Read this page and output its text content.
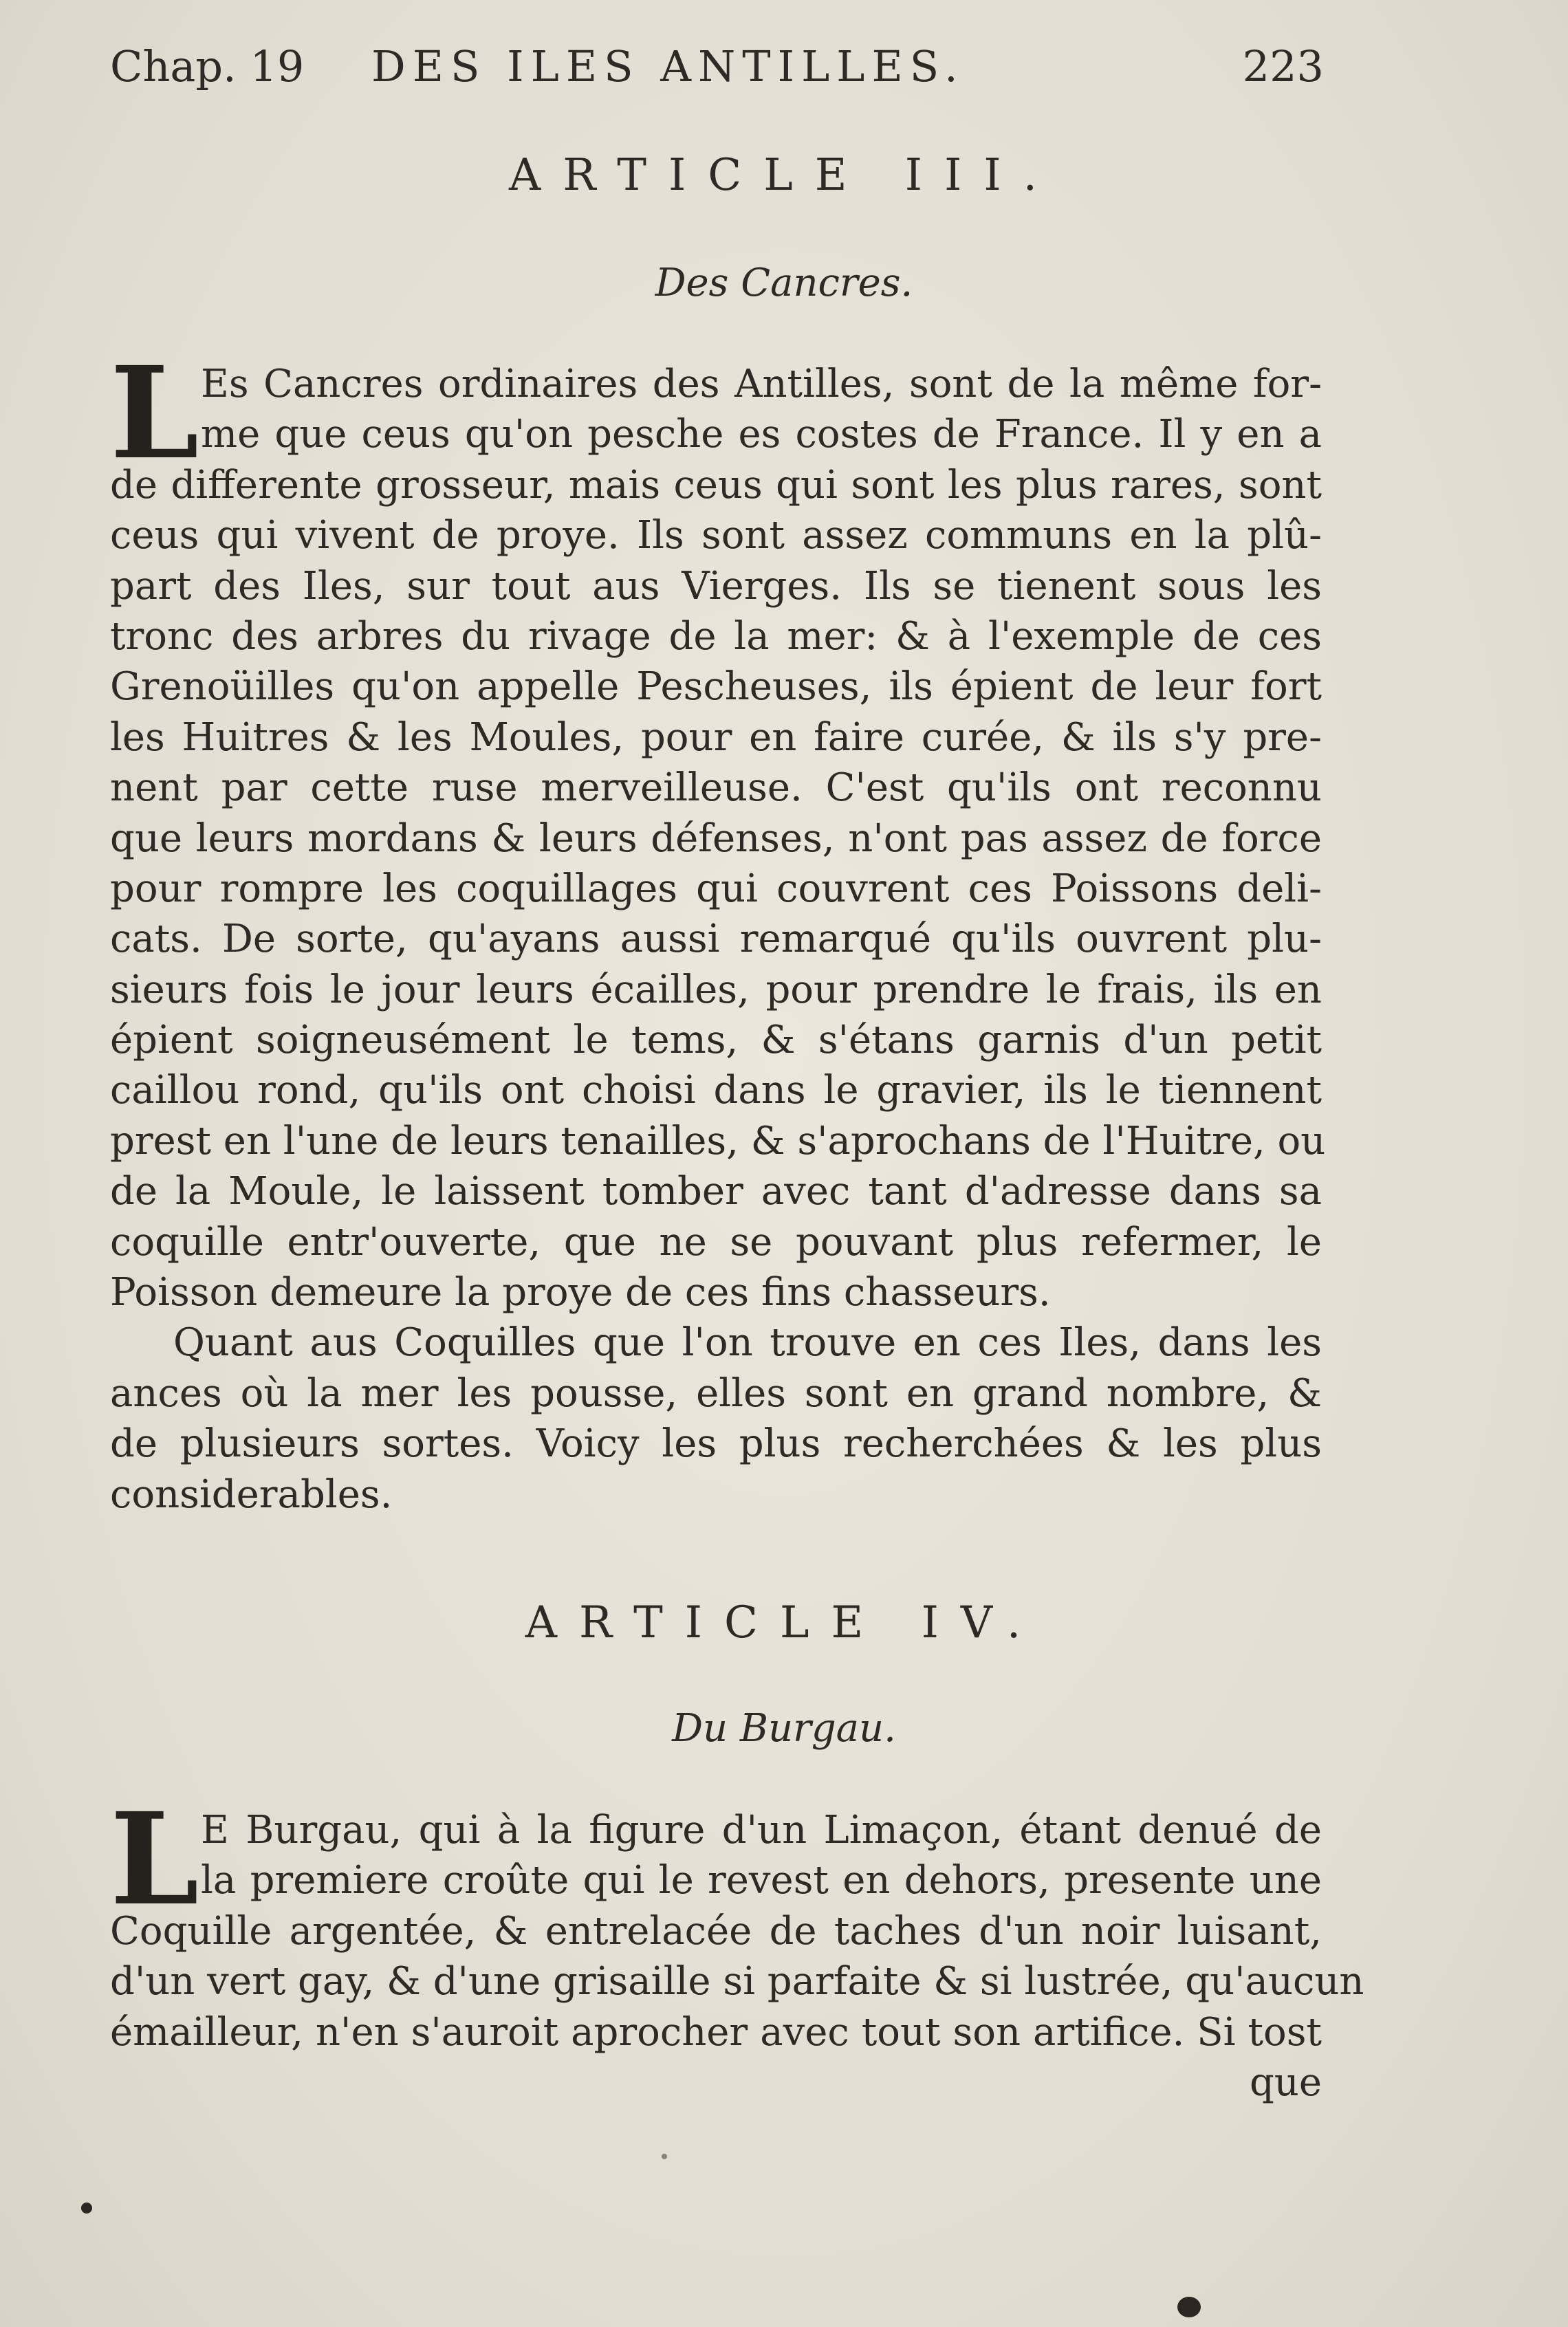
Chap. 19 DES ILES ANTILLES.	223
ARTICLE III.
Des Cancres.
L Es Cancres ordinaires des Antilles, sont de la même for-
me que ceus qu'on pesche es costes de France. Il y en a
de differente grosseur, mais ceus qui sont les plus rares, sont
ceus qui vivent de proye. Ils sont assez communs en la plû-
part des Iles, sur tout aus Vierges. Ils se tienent sous les
tronc des arbres du rivage de la mer: & à l'exemple de ces
Grenoüilles qu'on appelle Pescheuses, ils épient de leur fort
les Huitres & les Moules, pour en faire curée, & ils s'y pre-
nent par cette ruse merveilleuse. C'est qu'ils ont reconnu
que leurs mordans & leurs défenses, n'ont pas assez de force
pour rompre les coquillages qui couvrent ces Poissons deli-
cats. De sorte, qu'ayans aussi remarqué qu'ils ouvrent plu-
sieurs fois le jour leurs écailles, pour prendre le frais, ils en
épient soigneusément le tems, & s'étans garnis d'un petit
caillou rond, qu'ils ont choisi dans le gravier, ils le tiennent
prest en l'une de leurs tenailles, & s'aprochans de l'Huitre, ou
de la Moule, le laissent tomber avec tant d'adresse dans sa
coquille entr'ouverte, que ne se pouvant plus refermer, le
Poisson demeure la proye de ces fins chasseurs.
Quant aus Coquilles que l'on trouve en ces Iles, dans les
ances où la mer les pousse, elles sont en grand nombre, &
de plusieurs sortes. Voicy les plus recherchées & les plus
considerables.
ARTICLE IV.
Du Burgau.
L E Burgau, qui à la figure d'un Limaçon, étant denué de
la premiere croûte qui le revest en dehors, presente une
Coquille argentée, & entrelacée de taches d'un noir luisant,
d'un vert gay, & d'une grisaille si parfaite & si lustrée, qu'aucun
émailleur, n'en s'auroit aprocher avec tout son artifice. Si tost
que
